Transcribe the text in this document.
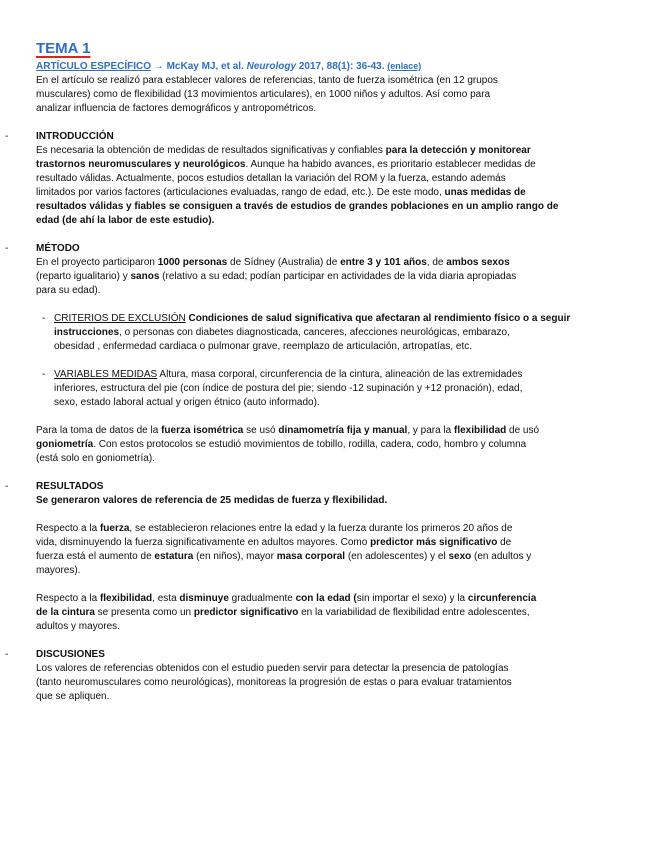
TEMA 1
ARTÍCULO ESPECÍFICO → McKay MJ, et al. Neurology 2017, 88(1): 36-43. (enlace)
En el artículo se realizó para establecer valores de referencias, tanto de fuerza isométrica (en 12 grupos
musculares) como de flexibilidad (13 movimientos articulares), en 1000 niños y adultos. Así como para
analizar influencia de factores demográficos y antropométricos.
-	INTRODUCCIÓN
Es necesaria la obtención de medidas de resultados significativas y confiables para la detección y monitorear
trastornos neuromusculares y neurológicos. Aunque ha habido avances, es prioritario establecer medidas de
resultado válidas. Actualmente, pocos estudios detallan la variación del ROM y la fuerza, estando además
limitados por varios factores (articulaciones evaluadas, rango de edad, etc.). De este modo, unas medidas de
resultados válidas y fiables se consiguen a través de estudios de grandes poblaciones en un amplio rango de
edad (de ahí la labor de este estudio).
-	MÉTODO
En el proyecto participaron 1000 personas de Sídney (Australia) de entre 3 y 101 años, de ambos sexos
(reparto igualitario) y sanos (relativo a su edad; podían participar en actividades de la vida diaria apropiadas
para su edad).
- CRITERIOS DE EXCLUSIÓN Condiciones de salud significativa que afectaran al rendimiento físico o a seguir
instrucciones, o personas con diabetes diagnosticada, canceres, afecciones neurológicas, embarazo,
obesidad , enfermedad cardiaca o pulmonar grave, reemplazo de articulación, artropatías, etc.
- VARIABLES MEDIDAS Altura, masa corporal, circunferencia de la cintura, alineación de las extremidades
inferiores, estructura del pie (con índice de postura del pie; siendo -12 supinación y +12 pronación), edad,
sexo, estado laboral actual y origen étnico (auto informado).
Para la toma de datos de la fuerza isométrica se usó dinamometría fija y manual, y para la flexibilidad de usó
goniometría. Con estos protocolos se estudió movimientos de tobillo, rodilla, cadera, codo, hombro y columna
(está solo en goniometría).
-	RESULTADOS
Se generaron valores de referencia de 25 medidas de fuerza y flexibilidad.
Respecto a la fuerza, se establecieron relaciones entre la edad y la fuerza durante los primeros 20 años de
vida, disminuyendo la fuerza significativamente en adultos mayores. Como predictor más significativo de
fuerza está el aumento de estatura (en niños), mayor masa corporal (en adolescentes) y el sexo (en adultos y
mayores).
Respecto a la flexibilidad, esta disminuye gradualmente con la edad (sin importar el sexo) y la circunferencia
de la cintura se presenta como un predictor significativo en la variabilidad de flexibilidad entre adolescentes,
adultos y mayores.
-	DISCUSIONES
Los valores de referencias obtenidos con el estudio pueden servir para detectar la presencia de patologías
(tanto neuromusculares como neurológicas), monitoreas la progresión de estas o para evaluar tratamientos
que se apliquen.
